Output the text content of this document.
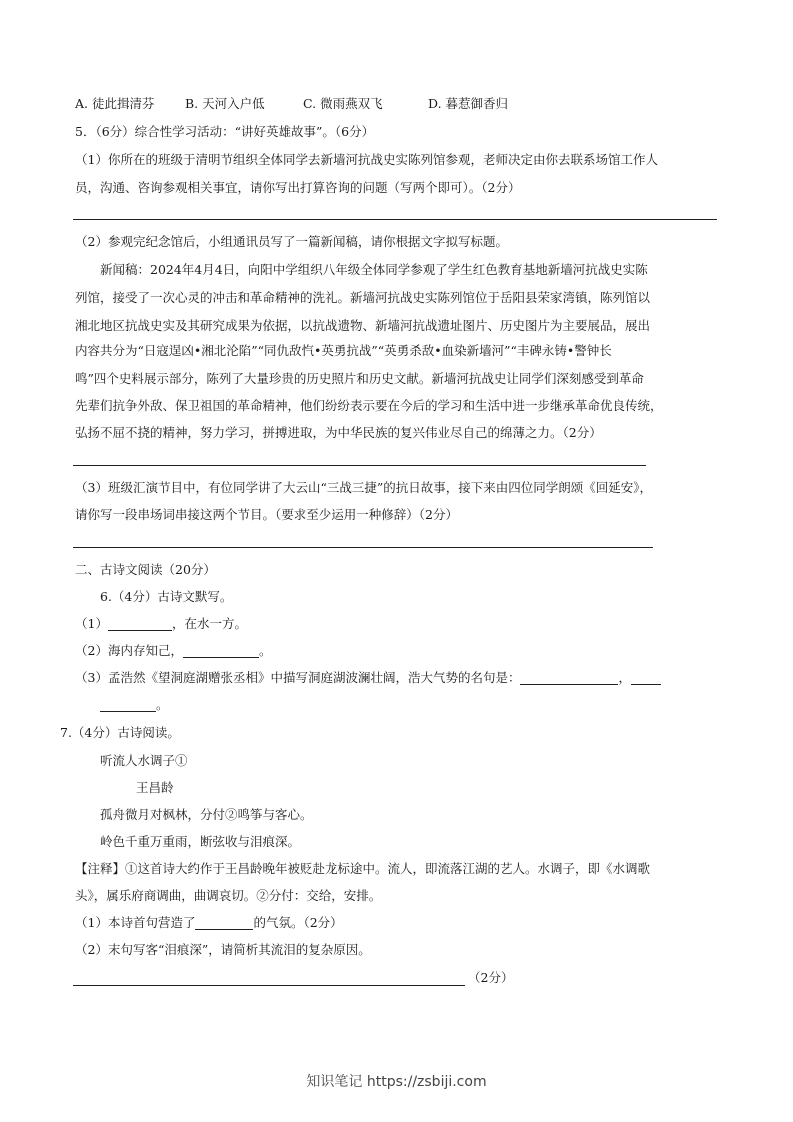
A. 徒此揖清芬 B. 天河入户低	C. 微雨燕双飞	D. 暮惹御香归
5．（6分）综合性学习活动：“讲好英雄故事”。（6分）
（1）你所在的班级于清明节组织全体同学去新墙河抗战史实陈列馆参观，老师决定由你去联系场馆工作人
员，沟通、咨询参观相关事宜，请你写出打算咨询的问题（写两个即可）。（2分）
（2）参观完纪念馆后，小组通讯员写了一篇新闻稿，请你根据文字拟写标题。
新闻稿：2024年4月4日，向阳中学组织八年级全体同学参观了学生红色教育基地新墙河抗战史实陈
列馆，接受了一次心灵的冲击和革命精神的洗礼。新墙河抗战史实陈列馆位于岳阳县荣家湾镇，陈列馆以
湘北地区抗战史实及其研究成果为依据，以抗战遗物、新墙河抗战遗址图片、历史图片为主要展品，展出
内容共分为“日寇逞凶•湘北沦陷”“同仇敌忾•英勇抗战”“英勇杀敌•血染新墙河”“丰碑永铸•警钟长
鸣”四个史料展示部分，陈列了大量珍贵的历史照片和历史文献。新墙河抗战史让同学们深刻感受到革命
先辈们抗争外敌、保卫祖国的革命精神，他们纷纷表示要在今后的学习和生活中进一步继承革命优良传统，
弘扬不屈不挠的精神，努力学习，拼搏进取，为中华民族的复兴伟业尽自己的绵薄之力。（2分）
（3）班级汇演节目中，有位同学讲了大云山“三战三捷”的抗日故事，接下来由四位同学朗颂《回延安》，
请你写一段串场词串接这两个节目。（要求至少运用一种修辞）（2分）
二、古诗文阅读（20分）
6.（4分）古诗文默写。
（1）	，在水一方。
（2）海内存知己，	。
（3）孟浩然《望洞庭湖赠张丞相》中描写洞庭湖波澜壮阔，浩大气势的名句是：	，
。
7.（4分）古诗阅读。
听流人水调子①
王昌龄
孤舟微月对枫林，分付②鸣筝与客心。
岭色千重万重雨，断弦收与泪痕深。
【注释】①这首诗大约作于王昌龄晚年被贬赴龙标途中。流人，即流落江湖的艺人。水调子，即《水调歌
头》，属乐府商调曲，曲调哀切。②分付：交给，安排。
（1）本诗首句营造了	的气氛。（2分）
（2）末句写客“泪痕深”，请简析其流泪的复杂原因。
（2分）
知识笔记 https://zsbiji.com
